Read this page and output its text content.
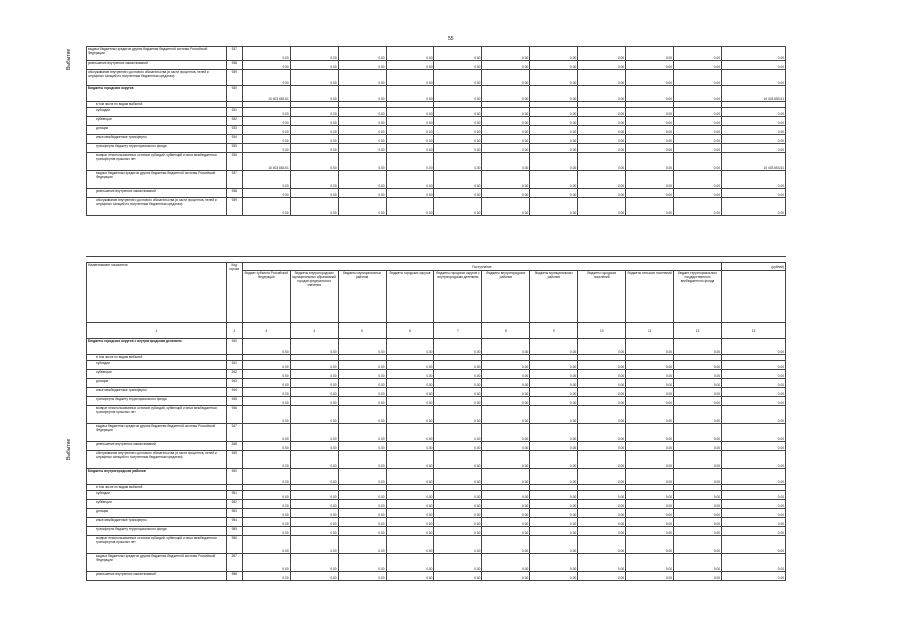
55
Выбытие
Выбытие
выдача бюджетных кредитов другим бюджетам бюджетной системы Российской Федерации	937	0.00	0.00	0.00	0.00	0.00	0.00	0.00	0.00	0.00	0.00	0.00
уменьшение внутренних заимствований	938	0.00	0.00	0.00	0.00	0.00	0.00	0.00	0.00	0.00	0.00	0.00
обслуживание внутреннего долгового обязательства (в части процентов, пеней и штрафных санкций по полученным бюджетным кредитам)	939	0.00	0.00	0.00	0.00	0.00	0.00	0.00	0.00	0.00	0.00	0.00
Бюджеты городских округов	930	10 403 653.61	0.00	0.00	0.00	0.00	0.00	0.00	0.00	0.00	0.00	10 403 653.61
в том числе по видам выбытий:												
субсидии	931	0.00	0.00	0.00	0.00	0.00	0.00	0.00	0.00	0.00	0.00	0.00
субвенции	932	0.00	0.00	0.00	0.00	0.00	0.00	0.00	0.00	0.00	0.00	0.00
дотации	933	0.00	0.00	0.00	0.00	0.00	0.00	0.00	0.00	0.00	0.00	0.00
иные межбюджетные трансферты	934	0.00	0.00	0.00	0.00	0.00	0.00	0.00	0.00	0.00	0.00	0.00
трансферты бюджету территориального фонда	935	0.00	0.00	0.00	0.00	0.00	0.00	0.00	0.00	0.00	0.00	0.00
возврат неиспользованных остатков субсидий, субвенций и иных межбюджетных трансфертов прошлых лет	936	10 403 653.61	0.00	0.00	0.00	0.00	0.00	0.00	0.00	0.00	0.00	10 403 653.61
выдача бюджетных кредитов другим бюджетам бюджетной системы Российской Федерации	937	0.00	0.00	0.00	0.00	0.00	0.00	0.00	0.00	0.00	0.00	0.00
уменьшение внутренних заимствований	938	0.00	0.00	0.00	0.00	0.00	0.00	0.00	0.00	0.00	0.00	0.00
обслуживание внутреннего долгового обязательства (в части процентов, пеней и штрафных санкций по полученным бюджетным кредитам)	939	0.00	0.00	0.00	0.00	0.00	0.00	0.00	0.00	0.00	0.00	0.00
Наименование показателя	Код строки	Поступление										(рублей)
		бюджет субъекта Российской Федерации	бюджеты внутригородских муниципальных образований городов федерального значения	бюджеты муниципальных районов	бюджеты городских округов	бюджеты городских округов с внутригородским делением	бюджеты внутригородских районов	бюджеты муниципальных районов	бюджеты городских поселений	бюджеты сельских поселений	бюджет территориального государственного внебюджетного фонда	
1	2	3	4	5	6	7	8	9	10	11	12	13
Бюджеты городских округов с внутригородским делением	940	0.00	0.00	0.00	0.00	0.00	0.00	0.00	0.00	0.00	0.00	0.00
в том числе по видам выбытий:												
субсидии	941	0.00	0.00	0.00	0.00	0.00	0.00	0.00	0.00	0.00	0.00	0.00
субвенции	942	0.00	0.00	0.00	0.00	0.00	0.00	0.00	0.00	0.00	0.00	0.00
дотации	943	0.00	0.00	0.00	0.00	0.00	0.00	0.00	0.00	0.00	0.00	0.00
иные межбюджетные трансферты	944	0.00	0.00	0.00	0.00	0.00	0.00	0.00	0.00	0.00	0.00	0.00
трансферты бюджету территориального фонда	945	0.00	0.00	0.00	0.00	0.00	0.00	0.00	0.00	0.00	0.00	0.00
возврат неиспользованных остатков субсидий, субвенций и иных межбюджетных трансфертов прошлых лет	946	0.00	0.00	0.00	0.00	0.00	0.00	0.00	0.00	0.00	0.00	0.00
выдача бюджетных кредитов другим бюджетам бюджетной системы Российской Федерации	947	0.00	0.00	0.00	0.00	0.00	0.00	0.00	0.00	0.00	0.00	0.00
уменьшение внутренних заимствований	948	0.00	0.00	0.00	0.00	0.00	0.00	0.00	0.00	0.00	0.00	0.00
обслуживание внутреннего долгового обязательства (в части процентов, пеней и штрафных санкций по полученным бюджетным кредитам)	949	0.00	0.00	0.00	0.00	0.00	0.00	0.00	0.00	0.00	0.00	0.00
Бюджеты внутригородских районов	950	0.00	0.00	0.00	0.00	0.00	0.00	0.00	0.00	0.00	0.00	0.00
в том числе по видам выбытий:												
субсидии	951	0.00	0.00	0.00	0.00	0.00	0.00	0.00	0.00	0.00	0.00	0.00
субвенции	952	0.00	0.00	0.00	0.00	0.00	0.00	0.00	0.00	0.00	0.00	0.00
дотации	953	0.00	0.00	0.00	0.00	0.00	0.00	0.00	0.00	0.00	0.00	0.00
иные межбюджетные трансферты	954	0.00	0.00	0.00	0.00	0.00	0.00	0.00	0.00	0.00	0.00	0.00
трансферты бюджету территориального фонда	955	0.00	0.00	0.00	0.00	0.00	0.00	0.00	0.00	0.00	0.00	0.00
возврат неиспользованных остатков субсидий, субвенций и иных межбюджетных трансфертов прошлых лет	956	0.00	0.00	0.00	0.00	0.00	0.00	0.00	0.00	0.00	0.00	0.00
выдача бюджетных кредитов другим бюджетам бюджетной системы Российской Федерации	957	0.00	0.00	0.00	0.00	0.00	0.00	0.00	0.00	0.00	0.00	0.00
уменьшение внутренних заимствований	958	0.00	0.00	0.00	0.00	0.00	0.00	0.00	0.00	0.00	0.00	0.00
